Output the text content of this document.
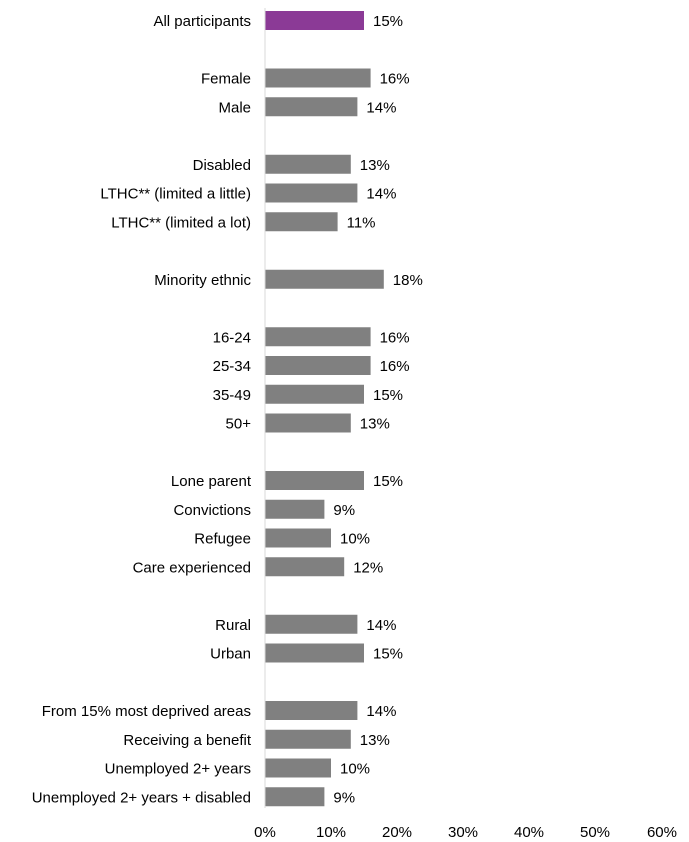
All participants
Female
Male
Disabled
LTHC** (limited a little)
LTHC** (limited a lot)
Minority ethnic
16-24
25-34
35-49
50+
Lone parent
Convictions
Refugee
Care experienced
Rural
Urban
From 15% most deprived areas
Receiving a benefit
Unemployed 2+ years
Unemployed 2+ years + disabled
15%
16%
14%
13%
14%
11%
18%
16%
16%
15%
13%
15%
9%
10%
12%
14%
15%
14%
13%
10%
9%
0%	10% 20% 30% 40% 50% 60%
